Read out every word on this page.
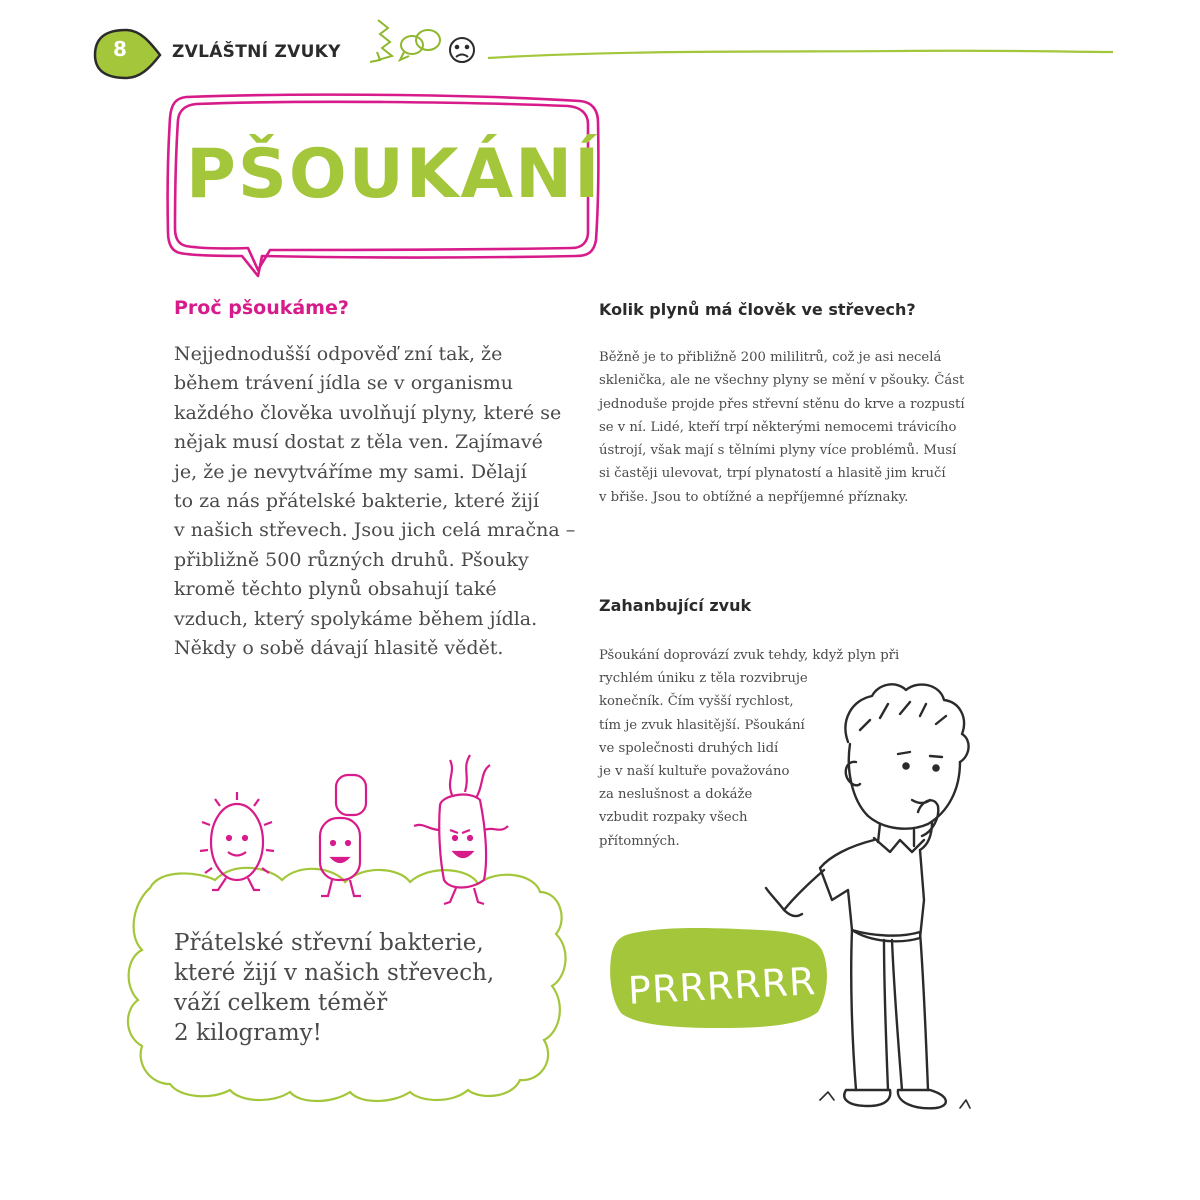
8	ZVLÁŠTNÍ ZVUKY
PŠOUKÁNÍ
Proč pšoukáme?
Nejjednodušší odpověď zní tak, že
během trávení jídla se v organismu
každého člověka uvolňují plyny, které se
nějak musí dostat z těla ven. Zajímavé
je, že je nevytváříme my sami. Dělají
to za nás přátelské bakterie, které žijí
v našich střevech. Jsou jich celá mračna –
přibližně 500 různých druhů. Pšouky
kromě těchto plynů obsahují také
vzduch, který spolykáme během jídla.
Někdy o sobě dávají hlasitě vědět.
Kolik plynů má člověk ve střevech?
Běžně je to přibližně 200 mililitrů, což je asi necelá
sklenička, ale ne všechny plyny se mění v pšouky. Část
jednoduše projde přes střevní stěnu do krve a rozpustí
se v ní. Lidé, kteří trpí některými nemocemi trávicího
ústrojí, však mají s tělními plyny více problémů. Musí
si častěji ulevovat, trpí plynatostí a hlasitě jim kručí
v břiše. Jsou to obtížné a nepříjemné příznaky.
Zahanbující zvuk
Pšoukání doprovází zvuk tehdy, když plyn při
rychlém úniku z těla rozvibruje
konečník. Čím vyšší rychlost,
tím je zvuk hlasitější. Pšoukání
ve společnosti druhých lidí
je v naší kultuře považováno
za neslušnost a dokáže
vzbudit rozpaky všech
přítomných.
Přátelské střevní bakterie,
které žijí v našich střevech,
váží celkem téměř
2 kilogramy!
PRRRRRR
